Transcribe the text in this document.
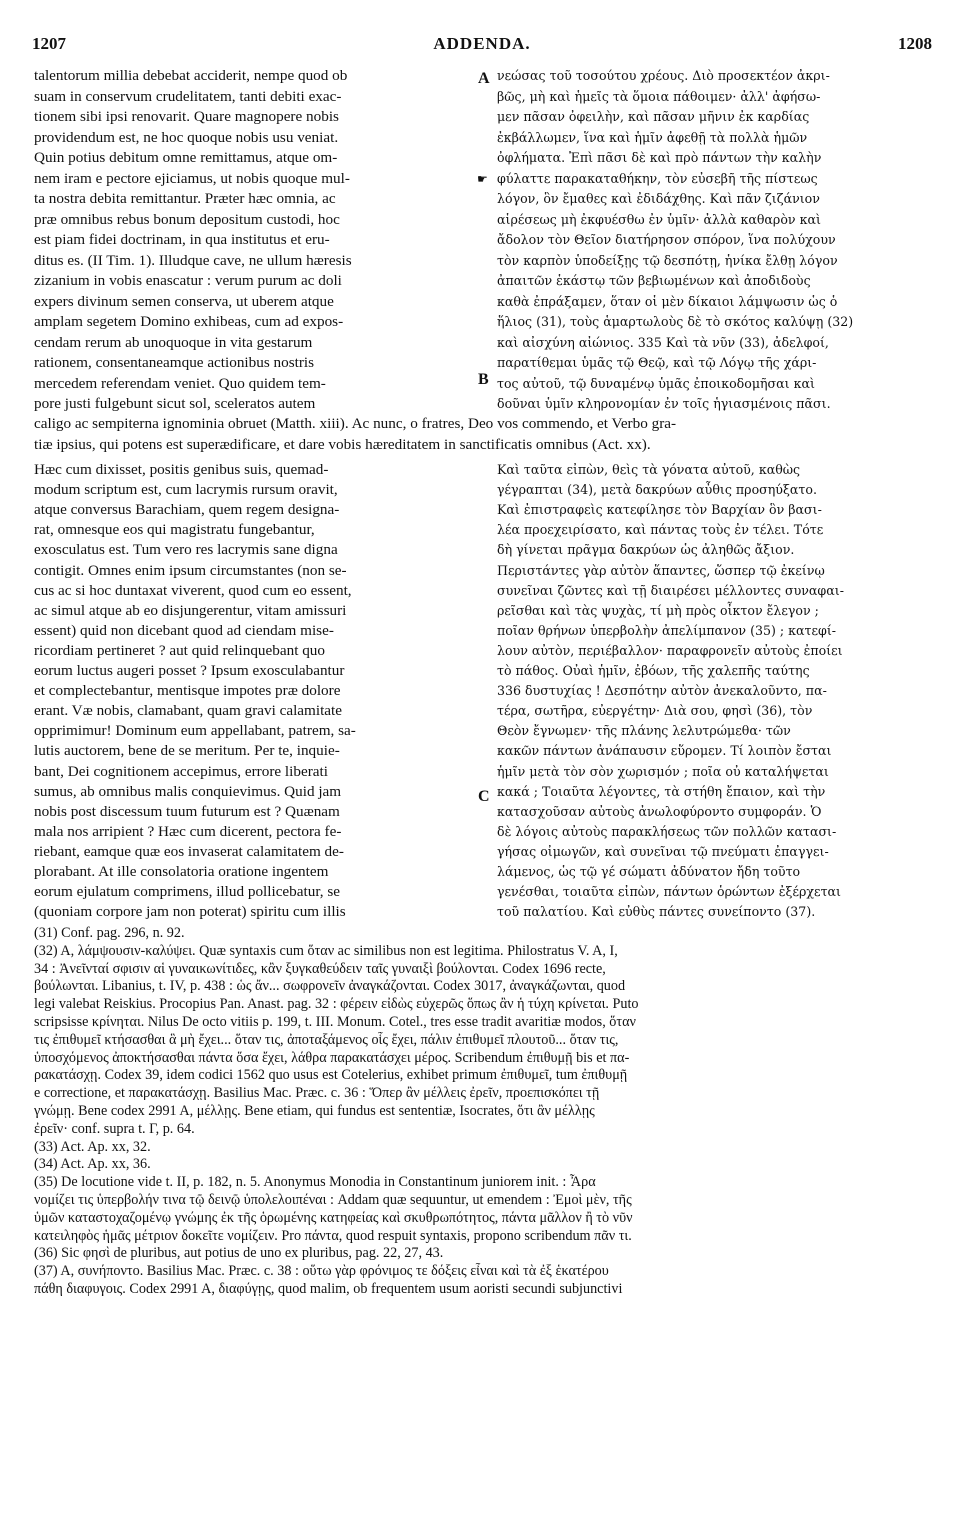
1207	ADDENDA.	1208
talentorum millia debebat acciderit, nempe quod ob
suam in conservum crudelitatem, tanti debiti exac-
tionem sibi ipsi renovarit. Quare magnopere nobis
providendum est, ne hoc quoque nobis usu veniat.
Quin potius debitum omne remittamus, atque om-
nem iram e pectore ejiciamus, ut nobis quoque mul-
ta nostra debita remittantur. Præter hæc omnia, ac
præ omnibus rebus bonum depositum custodi, hoc
est piam fidei doctrinam, in qua institutus et eru-
ditus es. (II Tim. 1). Illudque cave, ne ullum hæresis
zizanium in vobis enascatur : verum purum ac doli
expers divinum semen conserva, ut uberem atque
amplam segetem Domino exhibeas, cum ad expos-
cendam rerum ab unoquoque in vita gestarum
rationem, consentaneamque actionibus nostris
mercedem referendam veniet. Quo quidem tem-
pore justi fulgebunt sicut sol, sceleratos autem
νεώσας τοῦ τοσούτου χρέους. Διὸ προσεκτέον ἀκρι-
βῶς, μὴ καὶ ἡμεῖς τὰ ὅμοια πάθοιμεν· ἀλλ' ἀφήσω-
μεν πᾶσαν ὀφειλὴν, καὶ πᾶσαν μῆνιν ἐκ καρδίας
ἐκβάλλωμεν, ἵνα καὶ ἡμῖν ἀφεθῇ τὰ πολλὰ ἡμῶν
ὀφλήματα. Ἐπὶ πᾶσι δὲ καὶ πρὸ πάντων τὴν καλὴν
φύλαττε παρακαταθήκην, τὸν εὐσεβῆ τῆς πίστεως
λόγον, ὃν ἔμαθες καὶ ἐδιδάχθης. Καὶ πᾶν ζιζάνιον
αἱρέσεως μὴ ἐκφυέσθω ἐν ὑμῖν· ἀλλὰ καθαρὸν καὶ
ἄδολον τὸν Θεῖον διατήρησον σπόρον, ἵνα πολύχουν
τὸν καρπὸν ὑποδείξῃς τῷ δεσπότῃ, ἡνίκα ἔλθῃ λόγον
ἀπαιτῶν ἑκάστῳ τῶν βεβιωμένων καὶ ἀποδιδοὺς
καθὰ ἐπράξαμεν, ὅταν οἱ μὲν δίκαιοι λάμψωσιν ὡς ὁ
ἥλιος (31), τοὺς ἁμαρτωλοὺς δὲ τὸ σκότος καλύψῃ (32)
καὶ αἰσχύνη αἰώνιος. 335 Καὶ τὰ νῦν (33), ἀδελφοί,
παρατίθεμαι ὑμᾶς τῷ Θεῷ, καὶ τῷ Λόγῳ τῆς χάρι-
τος αὐτοῦ, τῷ δυναμένῳ ὑμᾶς ἐποικοδομῆσαι καὶ
δοῦναι ὑμῖν κληρονομίαν ἐν τοῖς ἡγιασμένοις πᾶσι.
caligo ac sempiterna ignominia obruet (Matth. xiii). Ac nunc, o fratres, Deo vos commendo, et Verbo gra-
tiæ ipsius, qui potens est superædificare, et dare vobis hæreditatem in sanctificatis omnibus (Act. xx).
Hæc cum dixisset, positis genibus suis, quemad-
modum scriptum est, cum lacrymis rursum oravit,
atque conversus Barachiam, quem regem designa-
rat, omnesque eos qui magistratu fungebantur,
exosculatus est. Tum vero res lacrymis sane digna
contigit. Omnes enim ipsum circumstantes (non se-
cus ac si hoc duntaxat viverent, quod cum eo essent,
ac simul atque ab eo disjungerentur, vitam amissuri
essent) quid non dicebant quod ad ciendam mise-
ricordiam pertineret ? aut quid relinquebant quo
eorum luctus augeri posset ? Ipsum exosculabantur
et complectebantur, mentisque impotes præ dolore
erant. Væ nobis, clamabant, quam gravi calamitate
opprimimur! Dominum eum appellabant, patrem, sa-
lutis auctorem, bene de se meritum. Per te, inquie-
bant, Dei cognitionem accepimus, errore liberati
sumus, ab omnibus malis conquievimus. Quid jam
nobis post discessum tuum futurum est ? Quænam
mala nos arripient ? Hæc cum dicerent, pectora fe-
riebant, eamque quæ eos invaserat calamitatem de-
plorabant. At ille consolatoria oratione ingentem
eorum ejulatum comprimens, illud pollicebatur, se
(quoniam corpore jam non poterat) spiritu cum illis
Καὶ ταῦτα εἰπὼν, θεὶς τὰ γόνατα αὐτοῦ, καθὼς
γέγραπται (34), μετὰ δακρύων αὖθις προσηύξατο.
Καὶ ἐπιστραφεὶς κατεφίλησε τὸν Βαρχίαν ὃν βασι-
λέα προεχειρίσατο, καὶ πάντας τοὺς ἐν τέλει. Τότε
δὴ γίνεται πρᾶγμα δακρύων ὡς ἀληθῶς ἄξιον.
Περιστάντες γὰρ αὐτὸν ἅπαντες, ὥσπερ τῷ ἐκείνῳ
συνεῖναι ζῶντες καὶ τῇ διαιρέσει μέλλοντες συναφαι-
ρεῖσθαι καὶ τὰς ψυχὰς, τί μὴ πρὸς οἶκτον ἔλεγον ;
ποῖαν θρήνων ὑπερβολὴν ἀπελίμπανον (35) ; κατεφί-
λουν αὐτὸν, περιέβαλλον· παραφρονεῖν αὐτοὺς ἐποίει
τὸ πάθος. Οὐαὶ ἡμῖν, ἐβόων, τῆς χαλεπῆς ταύτης
336 δυστυχίας ! Δεσπότην αὐτὸν ἀνεκαλοῦντο, πα-
τέρα, σωτῆρα, εὐεργέτην· Διὰ σου, φησὶ (36), τὸν
Θεὸν ἔγνωμεν· τῆς πλάνης λελυτρώμεθα· τῶν
κακῶν πάντων ἀνάπαυσιν εὕρομεν. Τί λοιπὸν ἔσται
ἡμῖν μετὰ τὸν σὸν χωρισμόν ; ποῖα οὐ καταλήψεται
κακά ; Τοιαῦτα λέγοντες, τὰ στήθη ἔπαιον, καὶ τὴν
κατασχοῦσαν αὐτοὺς ἀνωλοφύροντο συμφοράν. Ὁ
δὲ λόγοις αὐτοὺς παρακλήσεως τῶν πολλῶν κατασι-
γήσας οἰμωγῶν, καὶ συνεῖναι τῷ πνεύματι ἐπαγγει-
λάμενος, ὡς τῷ γέ σώματι ἀδύνατον ἤδη τοῦτο
γενέσθαι, τοιαῦτα εἰπὼν, πάντων ὁρώντων ἐξέρχεται
τοῦ παλατίου. Καὶ εὐθὺς πάντες συνείποντο (37).
(31) Conf. pag. 296, n. 92.
(32) A, λάμψουσιν-καλύψει. Quæ syntaxis cum ὅταν ac similibus non est legitima. Philostratus V. A, I,
34 : Ἀνεῖνταί σφισιν αἱ γυναικωνίτιδες, κἂν ξυγκαθεύδειν ταῖς γυναιξὶ βούλονται. Codex 1696 recte,
βούλωνται. Libanius, t. IV, p. 438 : ὡς ἄν... σωφρονεῖν ἀναγκάζονται. Codex 3017, ἀναγκάζωνται, quod
legi valebat Reiskius. Procopius Pan. Anast. pag. 32 : φέρειν εἰδὼς εὐχερῶς ὅπως ἂν ἡ τύχη κρίνεται. Puto
scripsisse κρίνηται. Nilus De octo vitiis p. 199, t. III. Monum. Cotel., tres esse tradit avaritiæ modos, ὅταν
τις ἐπιθυμεῖ κτήσασθαι ἃ μὴ ἔχει... ὅταν τις, ἀποταξάμενος οἷς ἔχει, πάλιν ἐπιθυμεῖ πλουτοῦ... ὅταν τις,
ὑποσχόμενος ἀποκτήσασθαι πάντα ὅσα ἔχει, λάθρα παρακατάσχει μέρος. Scribendum ἐπιθυμῇ bis et πα-
ρακατάσχῃ. Codex 39, idem codici 1562 quo usus est Cotelerius, exhibet primum ἐπιθυμεῖ, tum ἐπιθυμῇ
e correctione, et παρακατάσχῃ. Basilius Mac. Præc. c. 36 : Ὅπερ ἂν μέλλεις ἐρεῖν, προεπισκόπει τῇ
γνώμῃ. Bene codex 2991 A, μέλλῃς. Bene etiam, qui fundus est sententiæ, Isocrates, ὅτι ἂν μέλλῃς
ἐρεῖν· conf. supra t. Γ, p. 64.
(33) Act. Ap. xx, 32.
(34) Act. Ap. xx, 36.
(35) De locutione vide t. II, p. 182, n. 5. Anonymus Monodia in Constantinum juniorem init. : Ἆρα
νομίζει τις ὑπερβολήν τινα τῷ δεινῷ ὑπολελοιπέναι : Addam quæ sequuntur, ut emendem : Ἐμοὶ μὲν, τῆς
ὑμῶν καταστοχαζομένῳ γνώμης ἐκ τῆς ὁρωμένης κατηφείας καὶ σκυθρωπότητος, πάντα μᾶλλον ἢ τὸ νῦν
κατειληφὸς ἡμᾶς μέτριον δοκεῖτε νομίζειν. Pro πάντα, quod respuit syntaxis, propono scribendum πᾶν τι.
(36) Sic φησὶ de pluribus, aut potius de uno ex pluribus, pag. 22, 27, 43.
(37) A, συνήποντο. Basilius Mac. Præc. c. 38 : οὕτω γὰρ φρόνιμος τε δόξεις εἶναι καὶ τὰ ἐξ ἑκατέρου
πάθη διαφυγοις. Codex 2991 A, διαφύγῃς, quod malim, ob frequentem usum aoristi secundi subjunctivi
A
B
C
☛
